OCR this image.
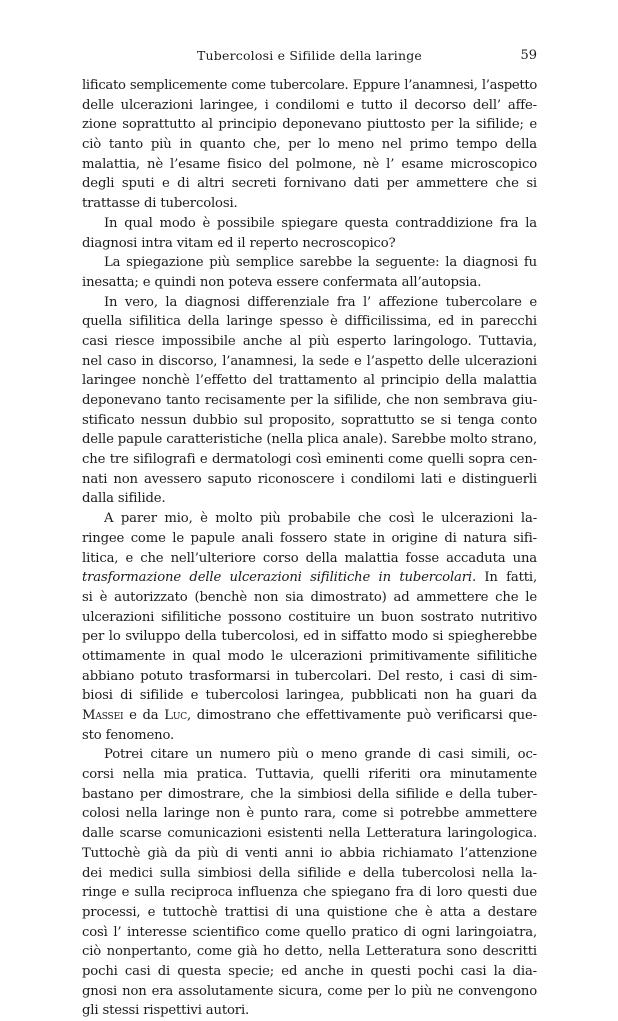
Tubercolosi e Sifilide della laringe	59
lificato semplicemente come tubercolare. Eppure l’anamnesi, l’aspetto
delle ulcerazioni laringee, i condilomi e tutto il decorso dell’ affe-
zione soprattutto al principio deponevano piuttosto per la sifilide; e
ciò tanto più in quanto che, per lo meno nel primo tempo della
malattia, nè l’esame fisico del polmone, nè l’ esame microscopico
degli sputi e di altri secreti fornivano dati per ammettere che si
trattasse di tubercolosi.
In qual modo è possibile spiegare questa contraddizione fra la
diagnosi intra vitam ed il reperto necroscopico?
La spiegazione più semplice sarebbe la seguente: la diagnosi fu
inesatta; e quindi non poteva essere confermata all’autopsia.
In vero, la diagnosi differenziale fra l’ affezione tubercolare e
quella sifilitica della laringe spesso è difficilissima, ed in parecchi
casi riesce impossibile anche al più esperto laringologo. Tuttavia,
nel caso in discorso, l’anamnesi, la sede e l’aspetto delle ulcerazioni
laringee nonchè l’effetto del trattamento al principio della malattia
deponevano tanto recisamente per la sifilide, che non sembrava giu-
stificato nessun dubbio sul proposito, soprattutto se si tenga conto
delle papule caratteristiche (nella plica anale). Sarebbe molto strano,
che tre sifilografi e dermatologi così eminenti come quelli sopra cen-
nati non avessero saputo riconoscere i condilomi lati e distinguerli
dalla sifilide.
A parer mio, è molto più probabile che così le ulcerazioni la-
ringee come le papule anali fossero state in origine di natura sifi-
litica, e che nell’ulteriore corso della malattia fosse accaduta una
trasformazione delle ulcerazioni sifilitiche in tubercolari. In fatti,
si è autorizzato (benchè non sia dimostrato) ad ammettere che le
ulcerazioni sifilitiche possono costituire un buon sostrato nutritivo
per lo sviluppo della tubercolosi, ed in siffatto modo si spiegherebbe
ottimamente in qual modo le ulcerazioni primitivamente sifilitiche
abbiano potuto trasformarsi in tubercolari. Del resto, i casi di sim-
biosi di sifilide e tubercolosi laringea, pubblicati non ha guari da
Massei e da Luc, dimostrano che effettivamente può verificarsi que-
sto fenomeno.
Potrei citare un numero più o meno grande di casi simili, oc-
corsi nella mia pratica. Tuttavia, quelli riferiti ora minutamente
bastano per dimostrare, che la simbiosi della sifilide e della tuber-
colosi nella laringe non è punto rara, come si potrebbe ammettere
dalle scarse comunicazioni esistenti nella Letteratura laringologica.
Tuttochè già da più di venti anni io abbia richiamato l’attenzione
dei medici sulla simbiosi della sifilide e della tubercolosi nella la-
ringe e sulla reciproca influenza che spiegano fra di loro questi due
processi, e tuttochè trattisi di una quistione che è atta a destare
così l’ interesse scientifico come quello pratico di ogni laringoiatra,
ciò nonpertanto, come già ho detto, nella Letteratura sono descritti
pochi casi di questa specie; ed anche in questi pochi casi la dia-
gnosi non era assolutamente sicura, come per lo più ne convengono
gli stessi rispettivi autori.
